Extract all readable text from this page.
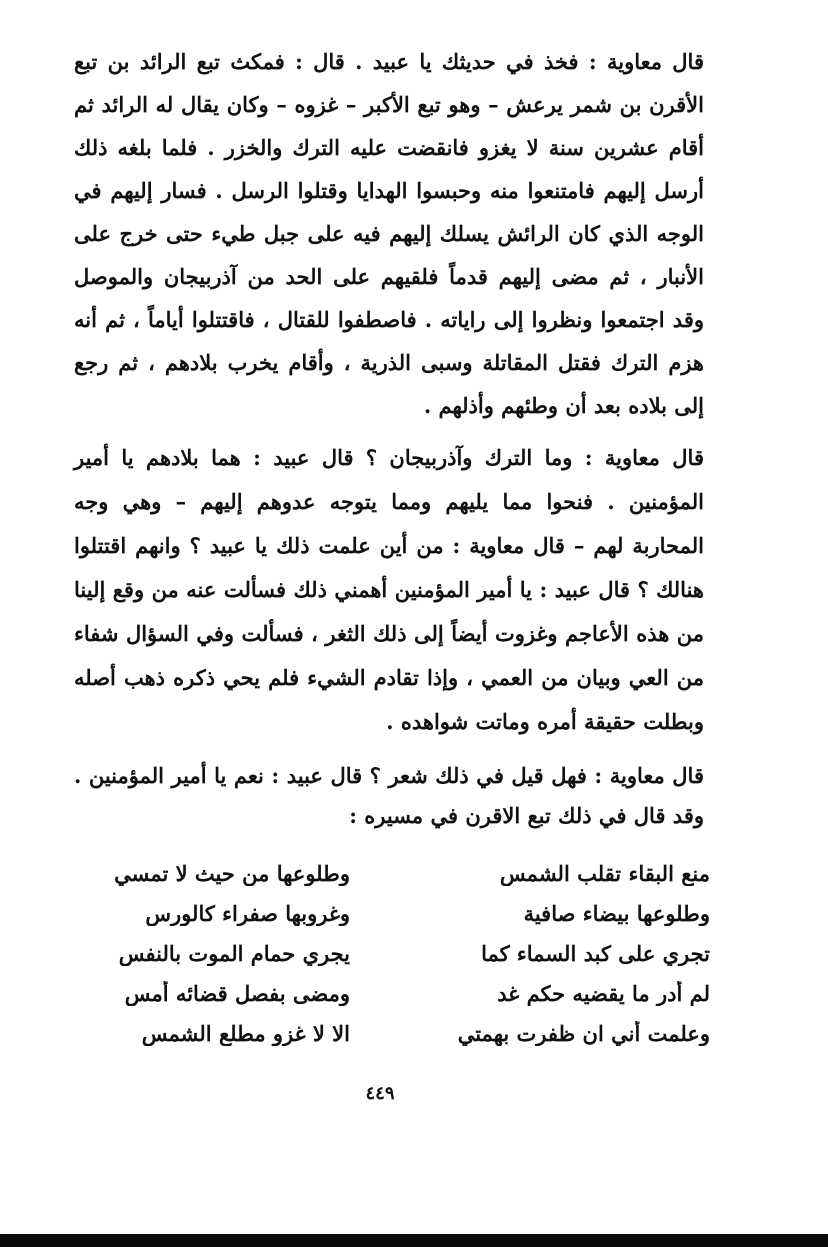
قال معاوية : فخذ في حديثك يا عبيد . قال : فمكث تبع الرائد بن تبع الأقرن بن شمر يرعش – وهو تبع الأكبر – غزوه – وكان يقال له الرائد ثم أقام عشرين سنة لا يغزو فانقضت عليه الترك والخزر . فلما بلغه ذلك أرسل إليهم فامتنعوا منه وحبسوا الهدايا وقتلوا الرسل . فسار إليهم في الوجه الذي كان الرائش يسلك إليهم فيه على جبل طيء حتى خرج على الأنبار ، ثم مضى إليهم قدماً فلقيهم على الحد من آذربيجان والموصل وقد اجتمعوا ونظروا إلى راياته . فاصطفوا للقتال ، فاقتتلوا أياماً ، ثم أنه هزم الترك فقتل المقاتلة وسبى الذرية ، وأقام يخرب بلادهم ، ثم رجع إلى بلاده بعد أن وطئهم وأذلهم .

قال معاوية : وما الترك وآذربيجان ؟ قال عبيد : هما بلادهم يا أمير المؤمنين . فنحوا مما يليهم ومما يتوجه عدوهم إليهم – وهي وجه المحاربة لهم – قال معاوية : من أين علمت ذلك يا عبيد ؟ وانهم اقتتلوا هنالك ؟ قال عبيد : يا أمير المؤمنين أهمني ذلك فسألت عنه من وقع إلينا من هذه الأعاجم وغزوت أيضاً إلى ذلك الثغر ، فسألت وفي السؤال شفاء من العي وبيان من العمي ، وإذا تقادم الشيء فلم يحي ذكره ذهب أصله وبطلت حقيقة أمره وماتت شواهده .

قال معاوية : فهل قيل في ذلك شعر ؟ قال عبيد : نعم يا أمير المؤمنين . وقد قال في ذلك تبع الاقرن في مسيره :

منع البقاء تقلب الشمس
وطلوعها من حيث لا تمسي
وطلوعها بيضاء صافية
وغروبها صفراء كالورس
تجري على كبد السماء كما
يجري حمام الموت بالنفس
لم أدر ما يقضيه حكم غد
ومضى بفصل قضائه أمس
وعلمت أني ان ظفرت بهمتي
الا لا غزو مطلع الشمس
٤٤٩
